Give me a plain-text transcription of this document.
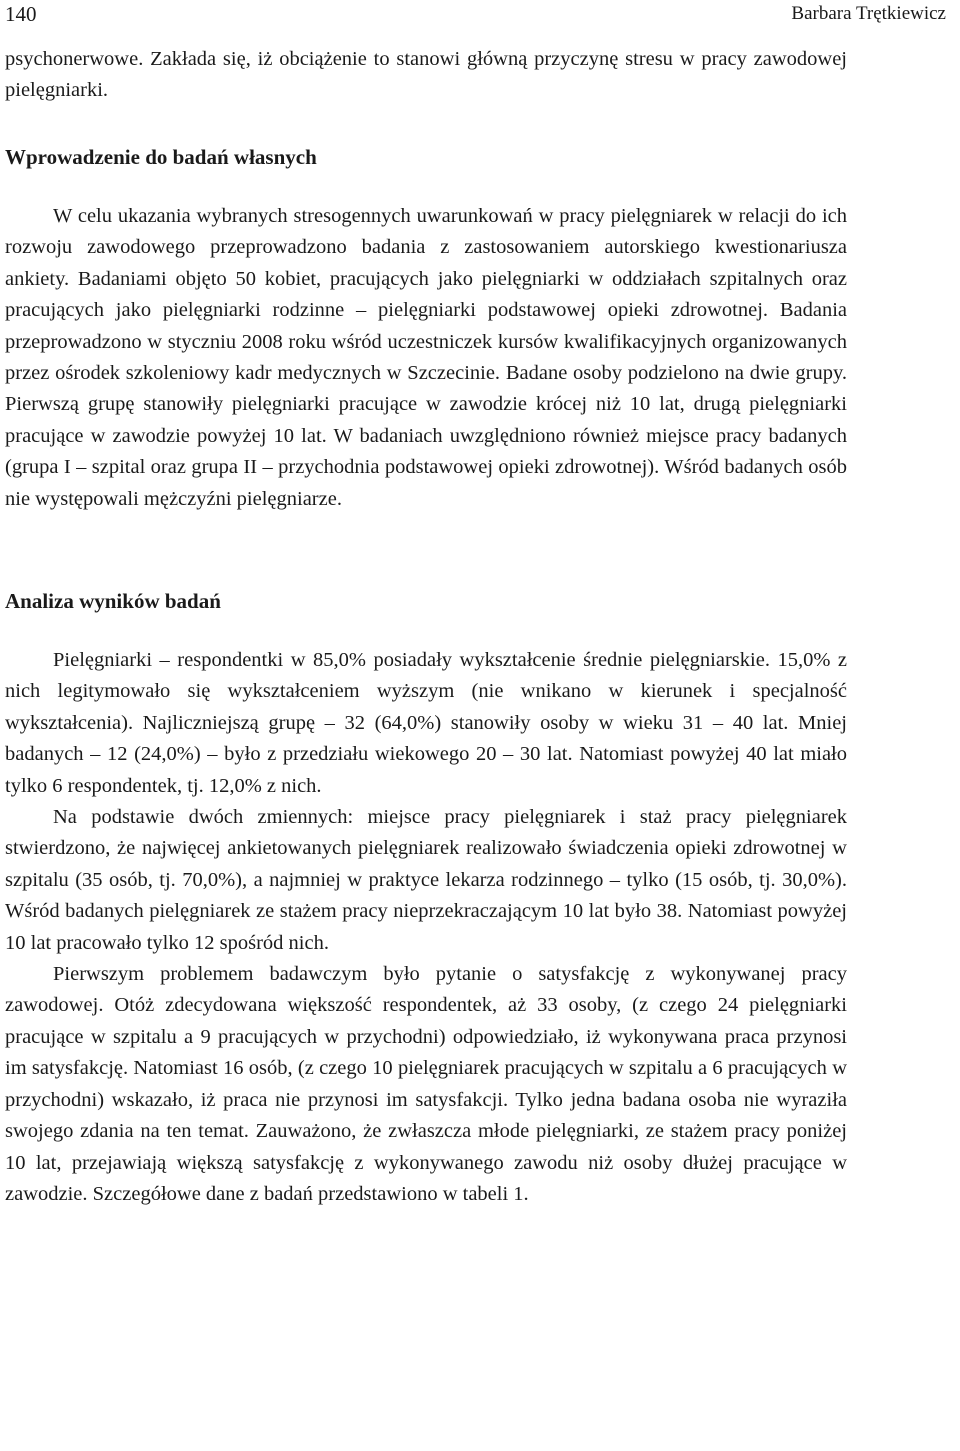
140	Barbara Trętkiewicz

psychonerwowe. Zakłada się, iż obciążenie to stanowi główną przyczynę stresu w pracy zawodowej pielęgniarki.

Wprowadzenie do badań własnych

W celu ukazania wybranych stresogennych uwarunkowań w pracy pielęgniarek w relacji do ich rozwoju zawodowego przeprowadzono badania z zastosowaniem autorskiego kwestionariusza ankiety. Badaniami objęto 50 kobiet, pracujących jako pielęgniarki w oddziałach szpitalnych oraz pracujących jako pielęgniarki rodzinne – pielęgniarki podstawowej opieki zdrowotnej. Badania przeprowadzono w styczniu 2008 roku wśród uczestniczek kursów kwalifikacyjnych organizowanych przez ośrodek szkoleniowy kadr medycznych w Szczecinie. Badane osoby podzielono na dwie grupy. Pierwszą grupę stanowiły pielęgniarki pracujące w zawodzie krócej niż 10 lat, drugą pielęgniarki pracujące w zawodzie powyżej 10 lat. W badaniach uwzględniono również miejsce pracy badanych (grupa I – szpital oraz grupa II – przychodnia podstawowej opieki zdrowotnej). Wśród badanych osób nie występowali mężczyźni pielęgniarze.

Analiza wyników badań

Pielęgniarki – respondentki w 85,0% posiadały wykształcenie średnie pielęgniarskie. 15,0% z nich legitymowało się wykształceniem wyższym (nie wnikano w kierunek i specjalność wykształcenia). Najliczniejszą grupę – 32 (64,0%) stanowiły osoby w wieku 31 – 40 lat. Mniej badanych – 12 (24,0%) – było z przedziału wiekowego 20 – 30 lat. Natomiast powyżej 40 lat miało tylko 6 respondentek, tj. 12,0% z nich.

Na podstawie dwóch zmiennych: miejsce pracy pielęgniarek i staż pracy pielęgniarek stwierdzono, że najwięcej ankietowanych pielęgniarek realizowało świadczenia opieki zdrowotnej w szpitalu (35 osób, tj. 70,0%), a najmniej w praktyce lekarza rodzinnego – tylko (15 osób, tj. 30,0%). Wśród badanych pielęgniarek ze stażem pracy nieprzekraczającym 10 lat było 38. Natomiast powyżej 10 lat pracowało tylko 12 spośród nich.

Pierwszym problemem badawczym było pytanie o satysfakcję z wykonywanej pracy zawodowej. Otóż zdecydowana większość respondentek, aż 33 osoby, (z czego 24 pielęgniarki pracujące w szpitalu a 9 pracujących w przychodni) odpowiedziało, iż wykonywana praca przynosi im satysfakcję. Natomiast 16 osób, (z czego 10 pielęgniarek pracujących w szpitalu a 6 pracujących w przychodni) wskazało, iż praca nie przynosi im satysfakcji. Tylko jedna badana osoba nie wyraziła swojego zdania na ten temat. Zauważono, że zwłaszcza młode pielęgniarki, ze stażem pracy poniżej 10 lat, przejawiają większą satysfakcję z wykonywanego zawodu niż osoby dłużej pracujące w zawodzie. Szczegółowe dane z badań przedstawiono w tabeli 1.
